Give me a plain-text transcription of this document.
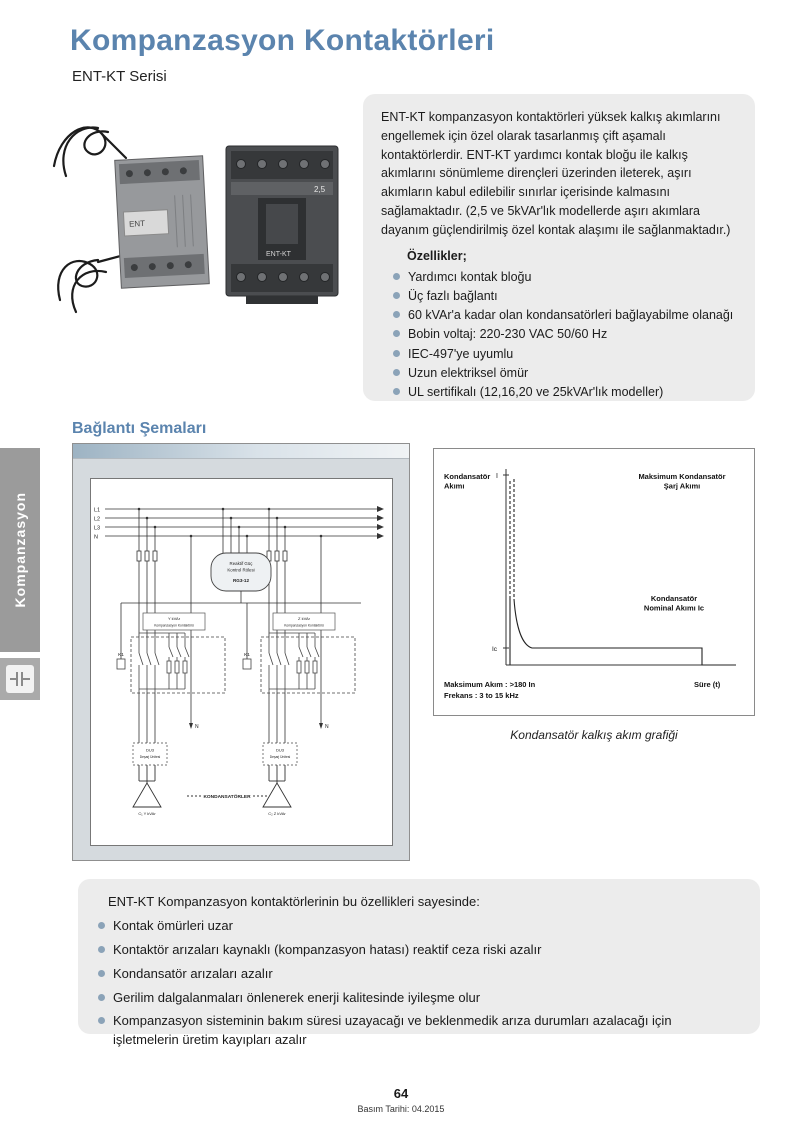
Kompanzasyon Kontaktörleri
ENT-KT Serisi
ENT
2,5
ENT-KT

ENT-KT kompanzasyon kontaktörleri yüksek kalkış akımlarını engellemek için özel olarak tasarlanmış çift aşamalı kontaktörlerdir. ENT-KT yardımcı kontak bloğu ile kalkış akımlarını sönümleme dirençleri üzerinden ileterek, aşırı akımların kabul edilebilir sınırlar içerisinde kalmasını sağlamaktadır. (2,5 ve 5kVAr'lık modellerde aşırı akımlara dayanım güçlendirilmiş özel kontak alaşımı ile sağlanmaktadır.)

Özellikler;
Yardımcı kontak bloğu
Üç fazlı bağlantı
60 kVAr'a kadar olan kondansatörleri bağlayabilme olanağı
Bobin voltaj: 220-230 VAC 50/60 Hz
IEC-497'ye uyumlu
Uzun elektriksel ömür
UL sertifikalı (12,16,20 ve 25kVAr'lık modeller)
Bağlantı Şemaları
Kompanzasyon	L1
L2
L3
N
N	N
Reaktif Güç
Kontrol Rölesi
RG3-12
K1	K1
Y kVAr
Kompanzasyon Kontaktörü
Z kVAr
Kompanzasyon Kontaktörü
DU3
Deşarj Ünitesi
DU3
Deşarj Ünitesi
KONDANSATÖRLER
C₁ Y kVAr	C₂ Z kVAr
Kondansatör
Akımı
I
Ic
Maksimum Kondansatör
Şarj Akımı
Kondansatör
Nominal Akımı Ic
Maksimum Akım : >180 In
Frekans : 3 to 15 kHz
Süre (t)
Kondansatör kalkış akım grafiği

ENT-KT Kompanzasyon kontaktörlerinin bu özellikleri sayesinde:

Kontak ömürleri uzar
Kontaktör arızaları kaynaklı (kompanzasyon hatası) reaktif ceza riski azalır
Kondansatör arızaları azalır
Gerilim dalgalanmaları önlenerek enerji kalitesinde iyileşme olur
Kompanzasyon sisteminin bakım süresi uzayacağı ve beklenmedik arıza durumları azalacağı için işletmelerin üretim kayıpları azalır
64
Basım Tarihi: 04.2015
